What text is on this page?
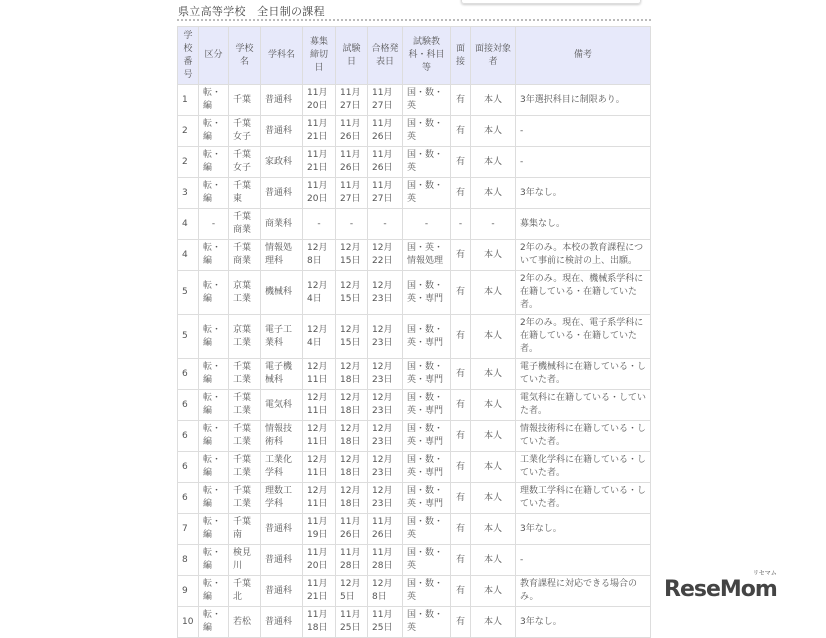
県立高等学校　全日制の課程
学校番号	区分	学校名	学科名	募集締切日	試験日	合格発表日	試験教科・科目等	面接	面接対象者	備考
1	転・編	千葉	普通科	11月20日	11月27日	11月27日	国・数・英	有	本人	3年選択科目に制限あり。
2	転・編	千葉女子	普通科	11月21日	11月26日	11月26日	国・数・英	有	本人	-
2	転・編	千葉女子	家政科	11月21日	11月26日	11月26日	国・数・英	有	本人	-
3	転・編	千葉東	普通科	11月20日	11月27日	11月27日	国・数・英	有	本人	3年なし。
4	-	千葉商業	商業科	-	-	-	-	-	-	募集なし。
4	転・編	千葉商業	情報処理科	12月8日	12月15日	12月22日	国・英・情報処理	有	本人	2年のみ。本校の教育課程について事前に検討の上、出願。
5	転・編	京葉工業	機械科	12月4日	12月15日	12月23日	国・数・英・専門	有	本人	2年のみ。現在、機械系学科に在籍している・在籍していた者。
5	転・編	京葉工業	電子工業科	12月4日	12月15日	12月23日	国・数・英・専門	有	本人	2年のみ。現在、電子系学科に在籍している・在籍していた者。
6	転・編	千葉工業	電子機械科	12月11日	12月18日	12月23日	国・数・英・専門	有	本人	電子機械科に在籍している・していた者。
6	転・編	千葉工業	電気科	12月11日	12月18日	12月23日	国・数・英・専門	有	本人	電気科に在籍している・していた者。
6	転・編	千葉工業	情報技術科	12月11日	12月18日	12月23日	国・数・英・専門	有	本人	情報技術科に在籍している・していた者。
6	転・編	千葉工業	工業化学科	12月11日	12月18日	12月23日	国・数・英・専門	有	本人	工業化学科に在籍している・していた者。
6	転・編	千葉工業	理数工学科	12月11日	12月18日	12月23日	国・数・英・専門	有	本人	理数工学科に在籍している・していた者。
7	転・編	千葉南	普通科	11月19日	11月26日	11月26日	国・数・英	有	本人	3年なし。
8	転・編	検見川	普通科	11月20日	11月28日	11月28日	国・数・英	有	本人	-
9	転・編	千葉北	普通科	11月21日	12月5日	12月8日	国・数・英	有	本人	教育課程に対応できる場合のみ。
10	転・編	若松	普通科	11月18日	11月25日	11月25日	国・数・英	有	本人	3年なし。
リセマム
ReseMom
